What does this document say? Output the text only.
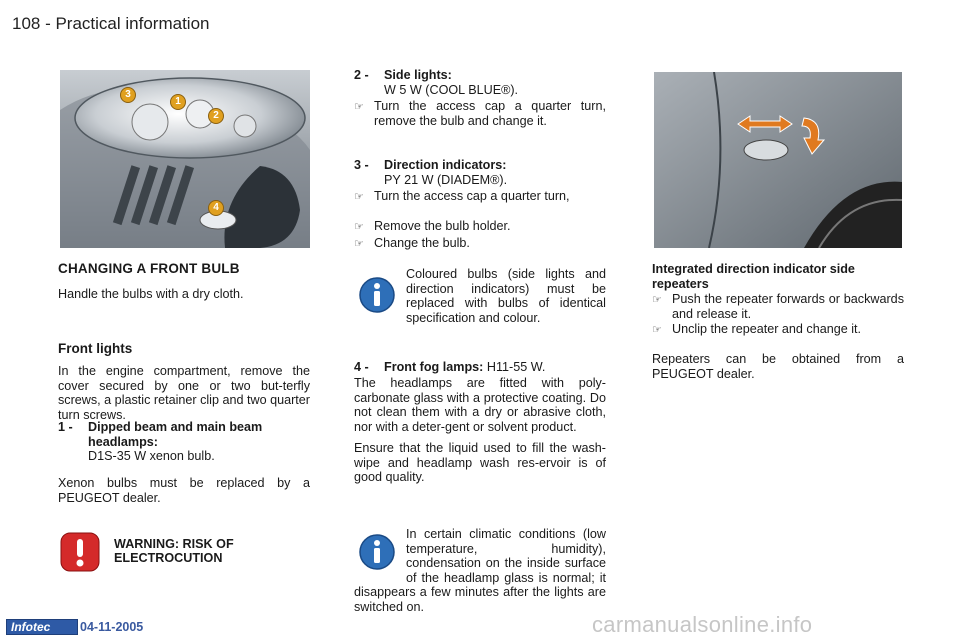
108 - Practical information
3
1
2
4
CHANGING A FRONT BULB
Handle the bulbs with a dry cloth.
Front lights
In the engine compartment, remove the cover secured by one or two but-terfly screws, a plastic retainer clip and two quarter turn screws.
1 -	Dipped beam and main beam headlamps:
D1S-35 W xenon bulb.
Xenon bulbs must be replaced by a PEUGEOT dealer.
WARNING: RISK OF
ELECTROCUTION
2 -	Side lights:
W 5 W (COOL BLUE®).
☞ Turn the access cap a quarter turn, remove the bulb and change it.
3 -	Direction indicators:
PY 21 W (DIADEM®).
☞ Turn the access cap a quarter turn,
☞ Remove the bulb holder.
☞ Change the bulb.
Coloured bulbs (side lights and direction indicators) must be replaced with bulbs of identical specification and colour.
4 - Front fog lamps: H11-55 W.
The headlamps are fitted with poly-carbonate glass with a protective coating. Do not clean them with a dry or abrasive cloth, nor with a deter-gent or solvent product.
Ensure that the liquid used to fill the wash-wipe and headlamp wash res-ervoir is of good quality.
In certain climatic conditions (low temperature, humidity), condensation on the inside surface of the headlamp glass is normal; it disappears a few minutes after the lights are switched on.
Integrated direction indicator side repeaters
☞ Push the repeater forwards or backwards and release it.
☞ Unclip the repeater and change it.
Repeaters can be obtained from a PEUGEOT dealer.
Infotec 04-11-2005	carmanualsonline.info
